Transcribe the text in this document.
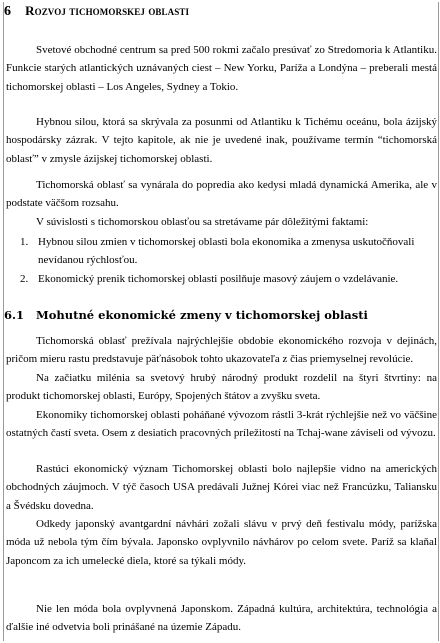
6 Rozvoj tichomorskej oblasti

Svetové obchodné centrum sa pred 500 rokmi začalo presúvať zo Stredomoria k Atlantiku. Funkcie starých atlantických uznávaných ciest – New Yorku, Paríža a Londýna – preberali mestá tichomorskej oblasti – Los Angeles, Sydney a Tokio.

Hybnou silou, ktorá sa skrývala za posunmi od Atlantiku k Tichému oceánu, bola ázijský hospodársky zázrak. V tejto kapitole, ak nie je uvedené inak, používame termín “tichomorská oblasť” v zmysle ázijskej tichomorskej oblasti.

Tichomorská oblasť sa vynárala do popredia ako kedysi mladá dynamická Amerika, ale v podstate väčšom rozsahu.

V súvislosti s tichomorskou oblasťou sa stretávame pár dôležitými faktami:

1. Hybnou silou zmien v tichomorskej oblasti bola ekonomika a zmenysa uskutočňovali nevídanou rýchlosťou.
2. Ekonomický prenik tichomorskej oblasti posilňuje masový záujem o vzdelávanie.
6.1 Mohutné ekonomické zmeny v tichomorskej oblasti

Tichomorská oblasť prežívala najrýchlejšie obdobie ekonomického rozvoja v dejinách, pričom mieru rastu predstavuje päťnásobok tohto ukazovateľa z čias priemyselnej revolúcie.

Na začiatku milénia sa svetový hrubý národný produkt rozdelil na štyri štvrtiny: na produkt tichomorskej oblasti, Európy, Spojených štátov a zvyšku sveta.

Ekonomiky tichomorskej oblasti poháňané vývozom rástli 3-krát rýchlejšie než vo väčšine ostatných častí sveta. Osem z desiatich pracovných príležitostí na Tchaj-wane záviseli od vývozu.

Rastúci ekonomický význam Tichomorskej oblasti bolo najlepšie vidno na amerických obchodných záujmoch. V týč časoch USA predávali Južnej Kórei viac než Francúzku, Taliansku a Švédsku dovedna.

Odkedy japonský avantgardní návhári zožali slávu v prvý deň festivalu módy, parížska móda už nebola tým čím bývala. Japonsko ovplyvnilo návhárov po celom svete. Paríž sa klaňal Japoncom za ich umelecké diela, ktoré sa týkali módy.

Nie len móda bola ovplyvnená Japonskom. Západná kultúra, architektúra, technológia a ďalšie iné odvetvia boli prinášané na územie Západu.
